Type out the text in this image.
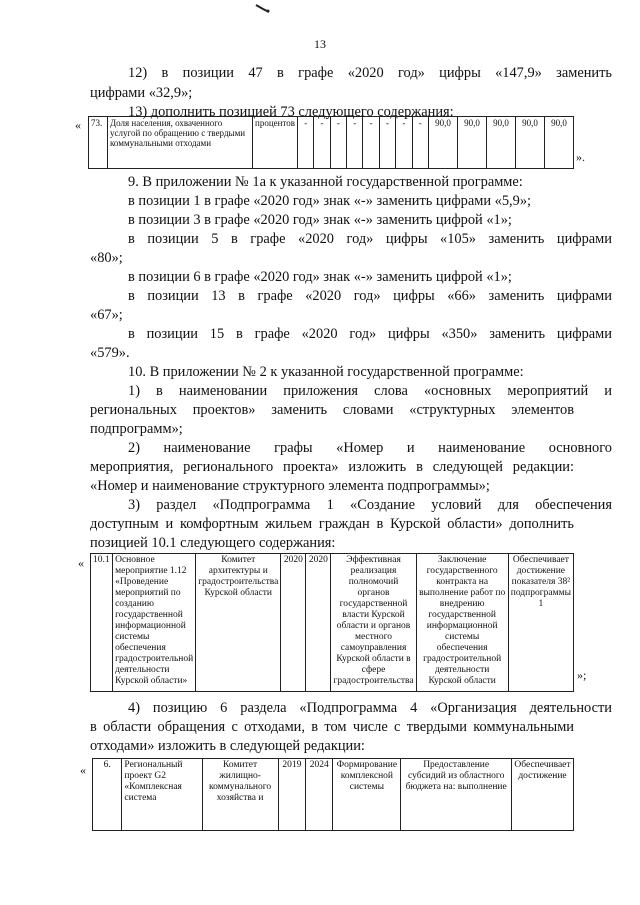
13
12) в позиции 47 в графе «2020 год» цифры «147,9» заменить
цифрами «32,9»;
13) дополнить позицией 73 следующего содержания:
« 73.	Доля населения, охваченного услугой по обращению с твердыми коммунальными отходами	процентов	-	-	-	-	-	-	-	-	90,0	90,0	90,0	90,0	90,0
».
9. В приложении № 1а к указанной государственной программе:
в позиции 1 в графе «2020 год» знак «-» заменить цифрами «5,9»;
в позиции 3 в графе «2020 год» знак «-» заменить цифрой «1»;
в позиции 5 в графе «2020 год» цифры «105» заменить цифрами
«80»;
в позиции 6 в графе «2020 год» знак «-» заменить цифрой «1»;
в позиции 13 в графе «2020 год» цифры «66» заменить цифрами
«67»;
в позиции 15 в графе «2020 год» цифры «350» заменить цифрами
«579».
10. В приложении № 2 к указанной государственной программе:
1) в наименовании приложения слова «основных мероприятий и
региональных проектов» заменить словами «структурных элементов
подпрограмм»;
2) наименование графы «Номер и наименование основного
мероприятия, регионального проекта» изложить в следующей редакции:
«Номер и наименование структурного элемента подпрограммы»;
3) раздел «Подпрограмма 1 «Создание условий для обеспечения
доступным и комфортным жильем граждан в Курской области» дополнить
позицией 10.1 следующего содержания:
« 10.1	Основное мероприятие 1.12 «Проведение мероприятий по созданию государственной информационной системы обеспечения градостроительной деятельности Курской области»	Комитет архитектуры и градостроительства Курской области	2020	2020	Эффективная реализация полномочий органов государственной власти Курской области и органов местного самоуправления Курской области в сфере градостроительства	Заключение государственного контракта на выполнение работ по внедрению государственной информационной системы обеспечения градостроительной деятельности Курской области	Обеспечивает достижение показателя 38² подпрограммы 1
»;
4) позицию 6 раздела «Подпрограмма 4 «Организация деятельности
в области обращения с отходами, в том числе с твердыми коммунальными
отходами» изложить в следующей редакции:
« 6.	Региональный проект G2 «Комплексная система	Комитет жилищно-коммунального хозяйства и	2019	2024	Формирование комплексной системы	Предоставление субсидий из областного бюджета на: выполнение	Обеспечивает достижение
